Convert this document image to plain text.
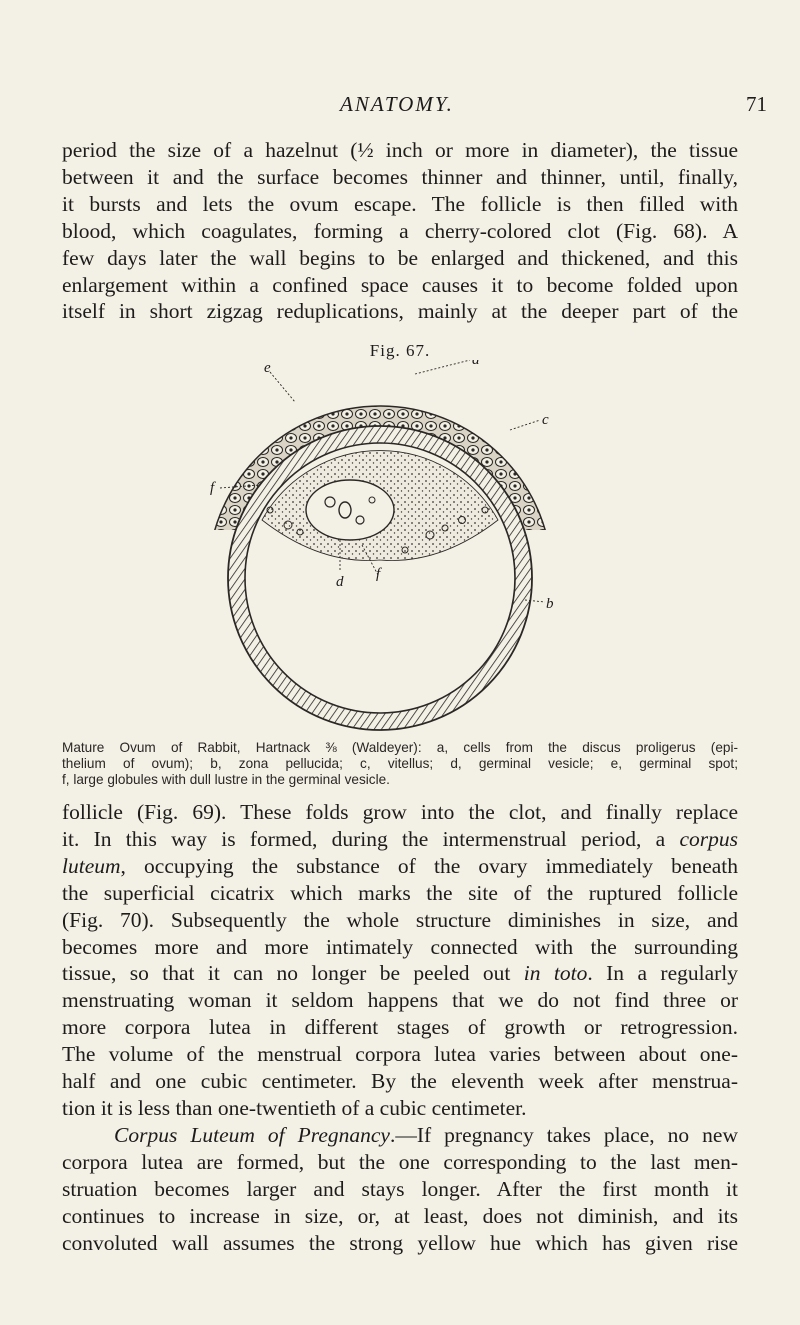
ANATOMY.	71
period the size of a hazelnut (½ inch or more in diameter), the tissue
between it and the surface becomes thinner and thinner, until, finally,
it bursts and lets the ovum escape. The follicle is then filled with
blood, which coagulates, forming a cherry-colored clot (Fig. 68). A
few days later the wall begins to be enlarged and thickened, and this
enlargement within a confined space causes it to become folded upon
itself in short zigzag reduplications, mainly at the deeper part of the
Fig. 67.
e	a
c
f
d f
b
Mature Ovum of Rabbit, Hartnack ⅜ (Waldeyer): a, cells from the discus proligerus (epi-
thelium of ovum); b, zona pellucida; c, vitellus; d, germinal vesicle; e, germinal spot;
f, large globules with dull lustre in the germinal vesicle.
follicle (Fig. 69). These folds grow into the clot, and finally replace
it. In this way is formed, during the intermenstrual period, a corpus
luteum, occupying the substance of the ovary immediately beneath
the superficial cicatrix which marks the site of the ruptured follicle
(Fig. 70). Subsequently the whole structure diminishes in size, and
becomes more and more intimately connected with the surrounding
tissue, so that it can no longer be peeled out in toto. In a regularly
menstruating woman it seldom happens that we do not find three or
more corpora lutea in different stages of growth or retrogression.
The volume of the menstrual corpora lutea varies between about one-
half and one cubic centimeter. By the eleventh week after menstrua-
tion it is less than one-twentieth of a cubic centimeter.
Corpus Luteum of Pregnancy.—If pregnancy takes place, no new
corpora lutea are formed, but the one corresponding to the last men-
struation becomes larger and stays longer. After the first month it
continues to increase in size, or, at least, does not diminish, and its
convoluted wall assumes the strong yellow hue which has given rise
